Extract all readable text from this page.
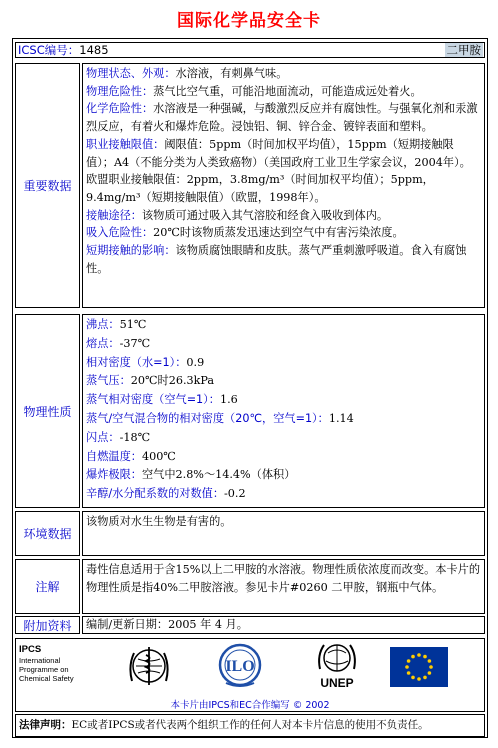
国际化学品安全卡
ICSC编号：1485	二甲胺
重要数据
物理状态、外观：水溶液，有刺鼻气味。
物理危险性：蒸气比空气重，可能沿地面流动，可能造成远处着火。
化学危险性：水溶液是一种强碱，与酸激烈反应并有腐蚀性。与强氧化剂和汞激烈反应，有着火和爆炸危险。浸蚀铝、铜、锌合金、镀锌表面和塑料。
职业接触限值：阈限值：5ppm（时间加权平均值），15ppm（短期接触限值）；A4（不能分类为人类致癌物）（美国政府工业卫生学家会议，2004年）。欧盟职业接触限值：2ppm，3.8mg/m³（时间加权平均值）；5ppm，9.4mg/m³（短期接触限值）（欧盟，1998年）。
接触途径：该物质可通过吸入其气溶胶和经食入吸收到体内。
吸入危险性：20℃时该物质蒸发迅速达到空气中有害污染浓度。
短期接触的影响：该物质腐蚀眼睛和皮肤。蒸气严重刺激呼吸道。食入有腐蚀性。
物理性质
沸点：51℃
熔点：-37℃
相对密度（水=1）：0.9
蒸气压：20℃时26.3kPa
蒸气相对密度（空气=1）：1.6
蒸气/空气混合物的相对密度（20℃，空气=1）：1.14
闪点：-18℃
自燃温度：400℃
爆炸极限：空气中2.8%～14.4%（体积）
辛醇/水分配系数的对数值：-0.2
环境数据
该物质对水生生物是有害的。
注解
毒性信息适用于含15%以上二甲胺的水溶液。物理性质依浓度而改变。本卡片的物理性质是指40%二甲胺溶液。参见卡片#0260 二甲胺，钢瓶中气体。
附加资料	编制/更新日期：2005 年 4 月。
IPCS
International
Programme on
Chemical Safety
ILO
UNEP
本卡片由IPCS和EC合作编写 © 2002
法律声明：EC或者IPCS或者代表两个组织工作的任何人对本卡片信息的使用不负责任。
